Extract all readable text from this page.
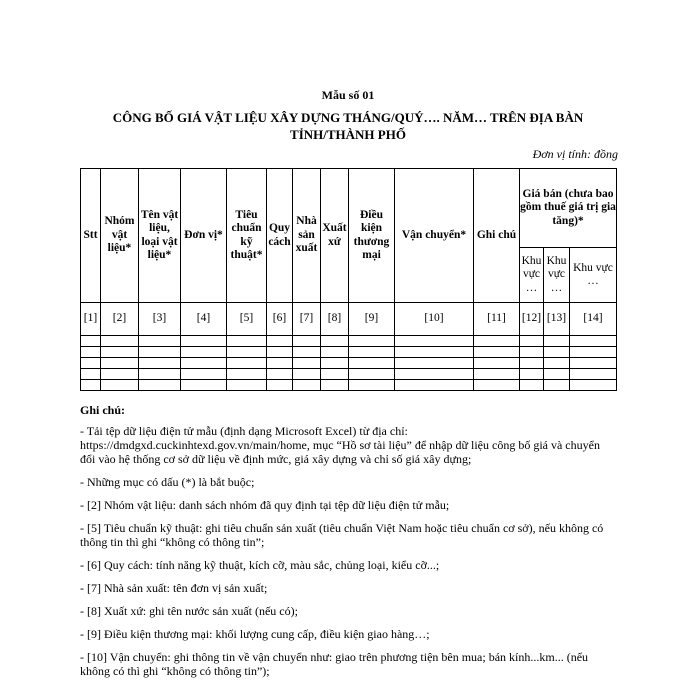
Mẫu số 01
CÔNG BỐ GIÁ VẬT LIỆU XÂY DỰNG THÁNG/QUÝ…. NĂM… TRÊN ĐỊA BÀN TỈNH/THÀNH PHỐ
Đơn vị tính: đồng
Stt	Nhóm vật liệu*	Tên vật liệu, loại vật liệu*	Đơn vị*	Tiêu chuẩn kỹ thuật*	Quy cách	Nhà sản xuất	Xuất xứ	Điều kiện thương mại	Vận chuyển*	Ghi chú	Giá bán (chưa bao gồm thuế giá trị gia tăng)*		
											Khu vực …	Khu vực …	Khu vực …
[1]	[2]	[3]	[4]	[5]	[6]	[7]	[8]	[9]	[10]	[11]	[12]	[13]	[14]

Ghi chú:
- Tải tệp dữ liệu điện tử mẫu (định dạng Microsoft Excel) từ địa chỉ: https://dmdgxd.cuckinhtexd.gov.vn/main/home, mục “Hồ sơ tài liệu” để nhập dữ liệu công bố giá và chuyển đổi vào hệ thống cơ sở dữ liệu về định mức, giá xây dựng và chỉ số giá xây dựng;
- Những mục có dấu (*) là bắt buộc;
- [2] Nhóm vật liệu: danh sách nhóm đã quy định tại tệp dữ liệu điện tử mẫu;
- [5] Tiêu chuẩn kỹ thuật: ghi tiêu chuẩn sản xuất (tiêu chuẩn Việt Nam hoặc tiêu chuẩn cơ sở), nếu không có thông tin thì ghi “không có thông tin”;
- [6] Quy cách: tính năng kỹ thuật, kích cỡ, màu sắc, chủng loại, kiểu cỡ...;
- [7] Nhà sản xuất: tên đơn vị sản xuất;
- [8] Xuất xứ: ghi tên nước sản xuất (nếu có);
- [9] Điều kiện thương mại: khối lượng cung cấp, điều kiện giao hàng…;
- [10] Vận chuyển: ghi thông tin về vận chuyển như: giao trên phương tiện bên mua; bán kính...km... (nếu không có thì ghi “không có thông tin”);
